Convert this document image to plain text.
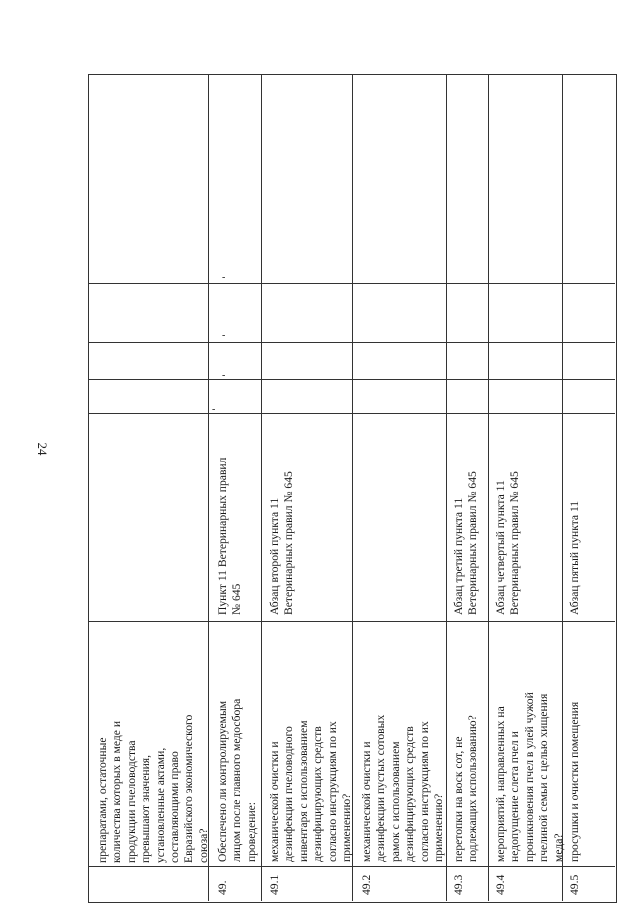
24
препаратами, остаточные
количества которых в меде и
продукции пчеловодства
превышают значения,
установленные актами,
составляющими право
Евразийского экономического
союза?
49.
Обеспечено ли контролируемым
лицом после главного медосбора
проведение:
Пункт 11 Ветеринарных правил
№ 645
49.1
механической очистки и
дезинфекции пчеловодного
инвентаря с использованием
дезинфицирующих средств
согласно инструкциям по их
применению?
Абзац второй пункта 11
Ветеринарных правил № 645
49.2
механической очистки и
дезинфекции пустых сотовых
рамок с использованием
дезинфицирующих средств
согласно инструкциям по их
применению?
49.3
перетопки на воск сот, не
подлежащих использованию?
Абзац третий пункта 11
Ветеринарных правил № 645
49.4
мероприятий, направленных на
недопущение слета пчел и
проникновения пчел в улей чужой
пчелиной семьи с целью хищения
меда?
Абзац четвертый пункта 11
Ветеринарных правил № 645
49.5
просушки и очистки помещения
Абзац пятый пункта 11
-
-
-
-
